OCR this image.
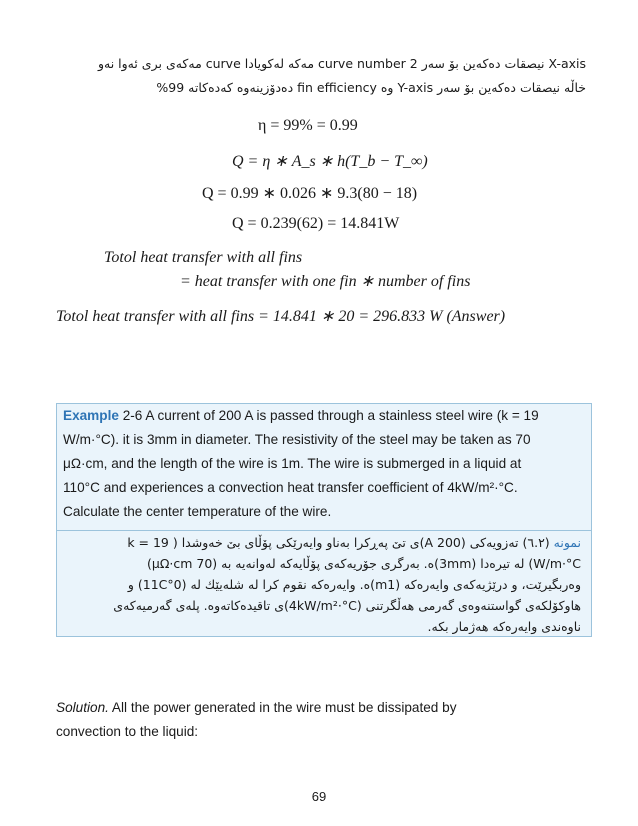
X-axis نیصقات دەکەین بۆ سەر curve number 2 مەکە لەکویادا curve مەکەی بری ئەوا نەو
خاڵە نیصقات دەکەین بۆ سەر Y-axis وە fin efficiency دەدۆزینەوە کەدەکاتە 99%
η = 99% = 0.99
Q = η ∗ A_s ∗ h(T_b − T_∞)
Q = 0.99 ∗ 0.026 ∗ 9.3(80 − 18)
Q = 0.239(62) = 14.841W
Totol heat transfer with all fins
= heat transfer with one fin ∗ number of fins
Totol heat transfer with all fins = 14.841 ∗ 20 = 296.833 W (Answer)
Example 2-6 A current of 200 A is passed through a stainless steel wire (k = 19
W/m·°C). it is 3mm in diameter. The resistivity of the steel may be taken as 70
μΩ·cm, and the length of the wire is 1m. The wire is submerged in a liquid at
110°C and experiences a convection heat transfer coefficient of 4kW/m²·°C.
Calculate the center temperature of the wire.
نمونە (٦.٢) تەزویەکی (200 A)ی تێ پەڕکرا بەناو وایەرێکی پۆڵای بێ خەوشدا ( k = 19
W/m·°C) لە تیرەدا (3mm)ە. بەرگری جۆریەکەی پۆڵایەکە لەوانەیە بە (70 μΩ·cm)
وەربگیرێت، و درێژیەکەی وایەرەکە (m1)ە. وایەرەکە نقوم کرا لە شلەیێك لە (11C°0) و
هاوکۆلکەی گواستنەوەی گەرمی هەڵگرتنی (4kW/m²·°C)ی تاقیدەکاتەوە. پلەی گەرمیەکەی
ناوەندی وایەرەکە هەژمار بکە.
Solution. All the power generated in the wire must be dissipated by
convection to the liquid:
69
